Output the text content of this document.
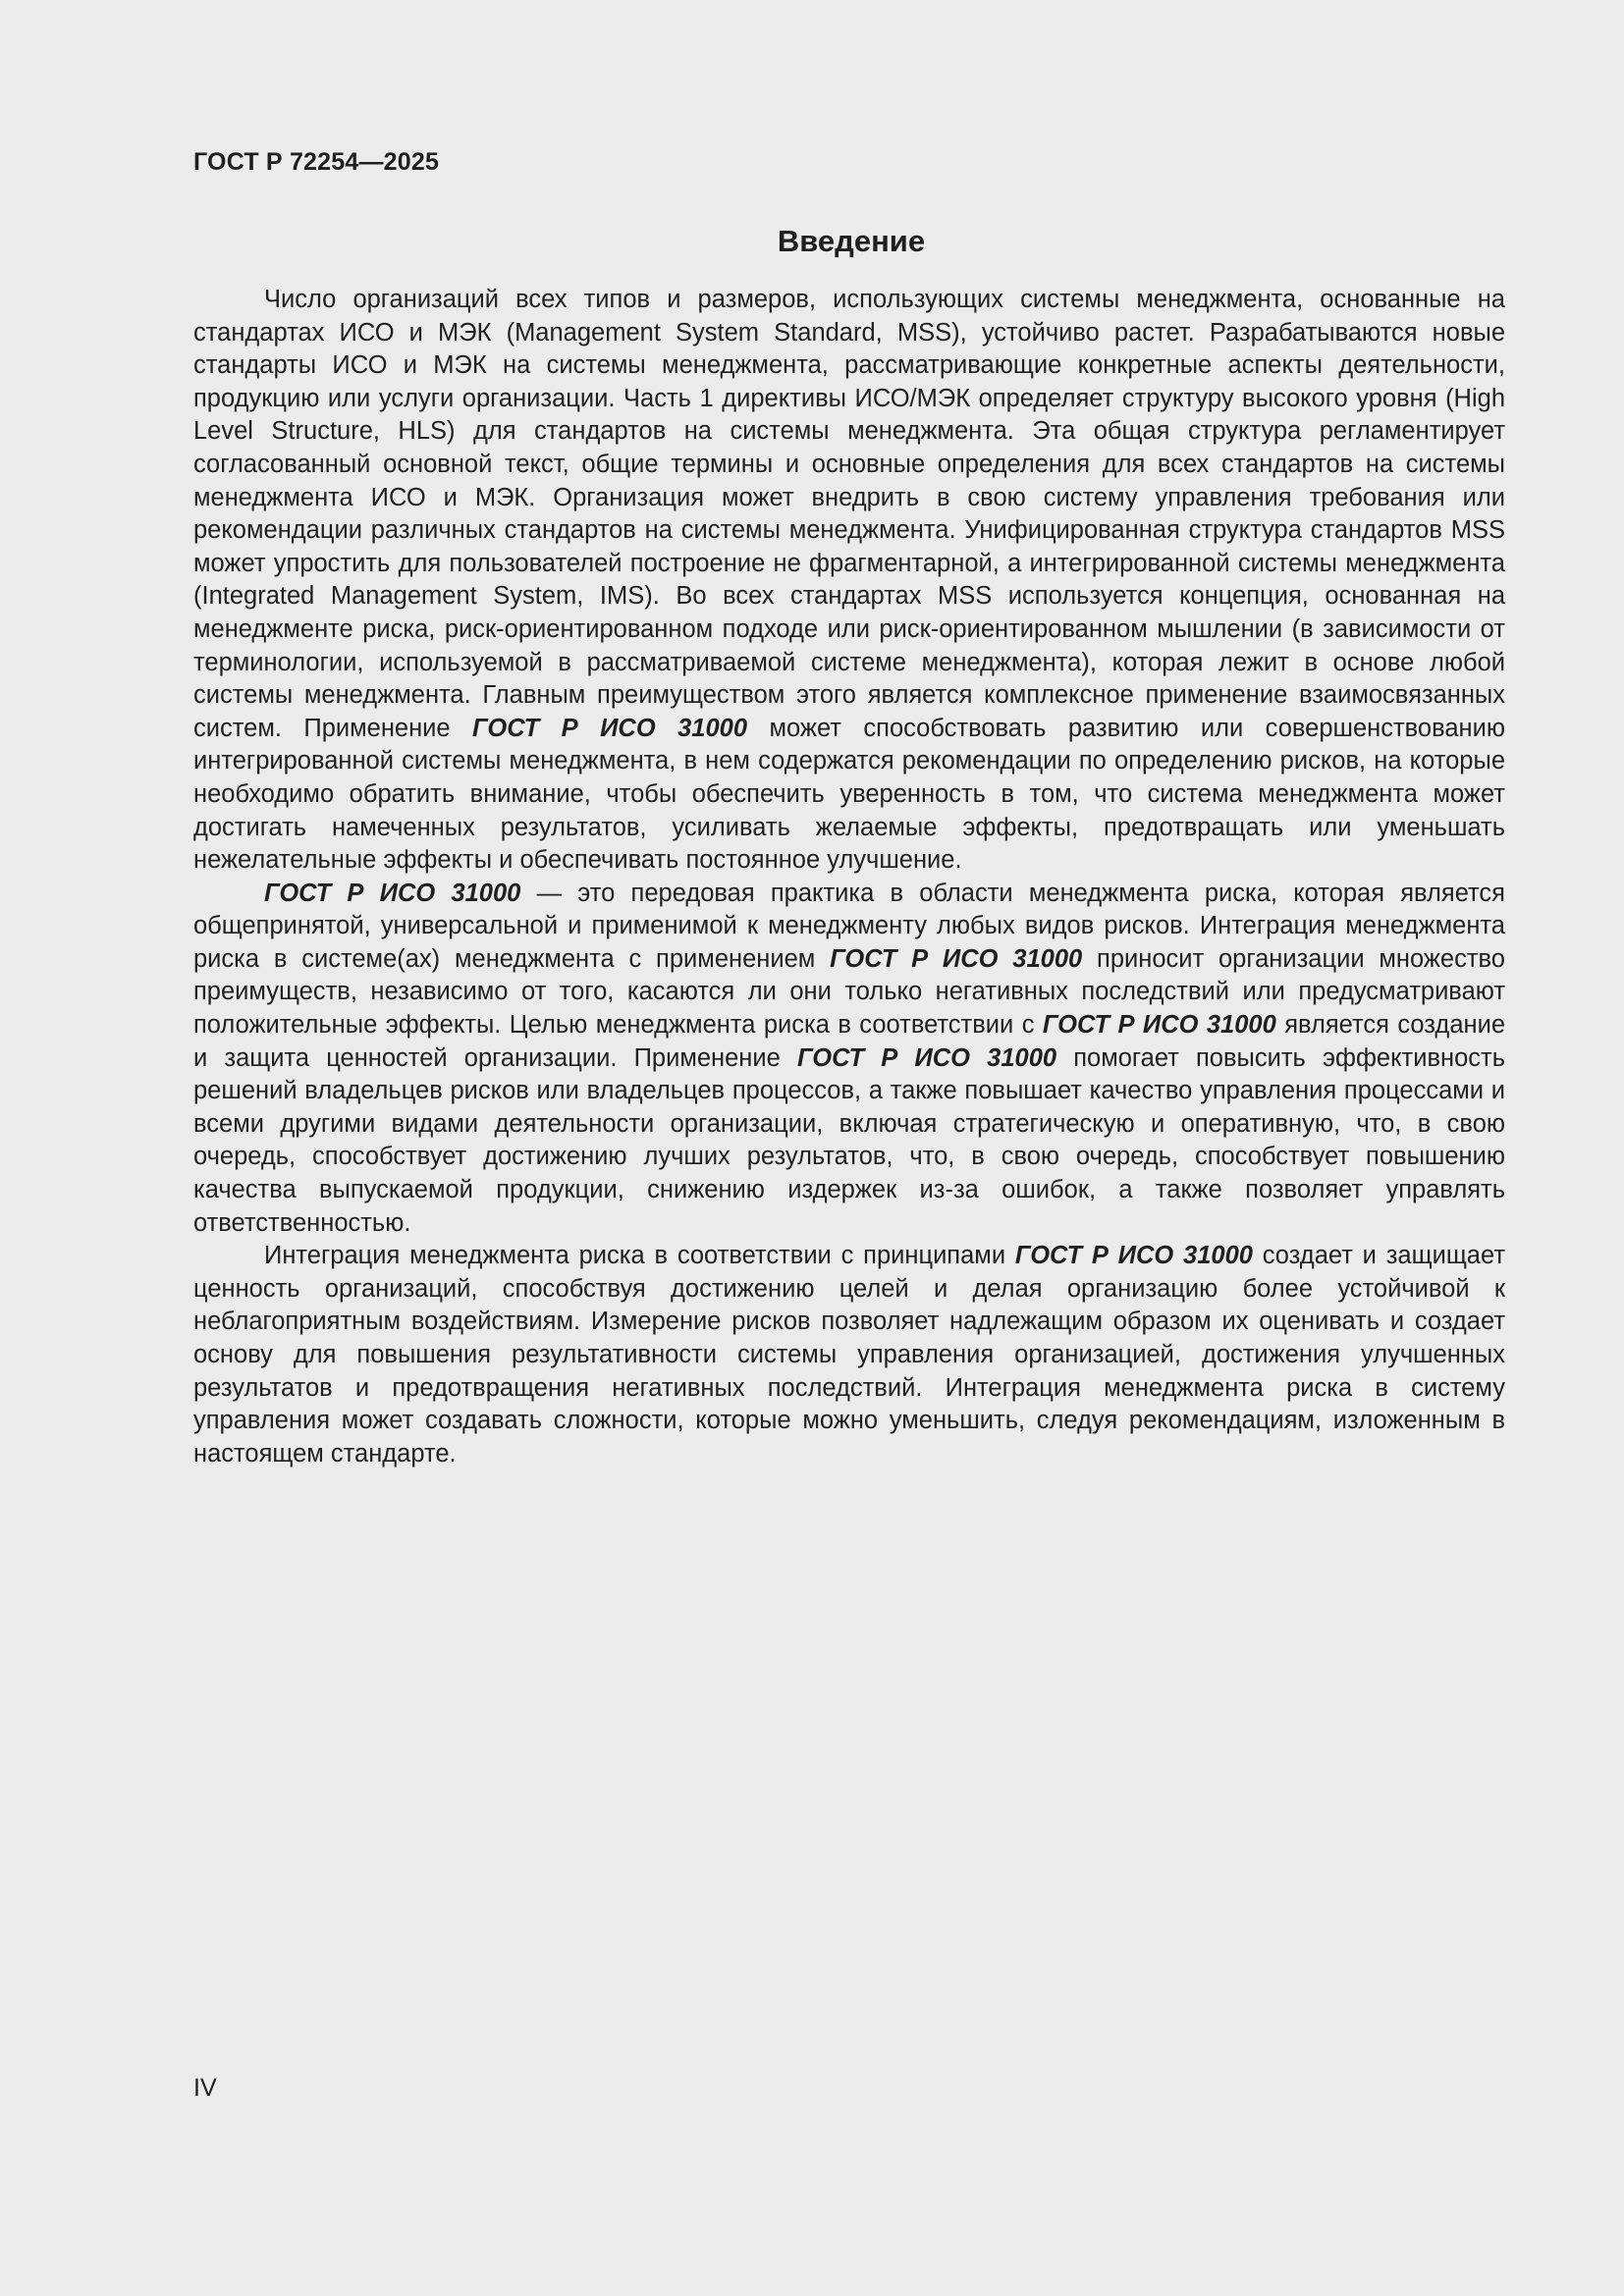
ГОСТ Р 72254—2025
Введение

Число организаций всех типов и размеров, использующих системы менеджмента, основанные на стандартах ИСО и МЭК (Management System Standard, MSS), устойчиво растет. Разрабатываются новые стандарты ИСО и МЭК на системы менеджмента, рассматривающие конкретные аспекты деятельности, продукцию или услуги организации. Часть 1 директивы ИСО/МЭК определяет структуру высокого уровня (High Level Structure, HLS) для стандартов на системы менеджмента. Эта общая структура регламентирует согласованный основной текст, общие термины и основные определения для всех стандартов на системы менеджмента ИСО и МЭК. Организация может внедрить в свою систему управления требования или рекомендации различных стандартов на системы менеджмента. Унифицированная структура стандартов MSS может упростить для пользователей построение не фрагментарной, а интегрированной системы менеджмента (Integrated Management System, IMS). Во всех стандартах MSS используется концепция, основанная на менеджменте риска, риск-ориентированном подходе или риск-ориентированном мышлении (в зависимости от терминологии, используемой в рассматриваемой системе менеджмента), которая лежит в основе любой системы менеджмента. Главным преимуществом этого является комплексное применение взаимосвязанных систем. Применение ГОСТ Р ИСО 31000 может способствовать развитию или совершенствованию интегрированной системы менеджмента, в нем содержатся рекомендации по определению рисков, на которые необходимо обратить внимание, чтобы обеспечить уверенность в том, что система менеджмента может достигать намеченных результатов, усиливать желаемые эффекты, предотвращать или уменьшать нежелательные эффекты и обеспечивать постоянное улучшение.

ГОСТ Р ИСО 31000 — это передовая практика в области менеджмента риска, которая является общепринятой, универсальной и применимой к менеджменту любых видов рисков. Интеграция менеджмента риска в системе(ах) менеджмента с применением ГОСТ Р ИСО 31000 приносит организации множество преимуществ, независимо от того, касаются ли они только негативных последствий или предусматривают положительные эффекты. Целью менеджмента риска в соответствии с ГОСТ Р ИСО 31000 является создание и защита ценностей организации. Применение ГОСТ Р ИСО 31000 помогает повысить эффективность решений владельцев рисков или владельцев процессов, а также повышает качество управления процессами и всеми другими видами деятельности организации, включая стратегическую и оперативную, что, в свою очередь, способствует достижению лучших результатов, что, в свою очередь, способствует повышению качества выпускаемой продукции, снижению издержек из-за ошибок, а также позволяет управлять ответственностью.

Интеграция менеджмента риска в соответствии с принципами ГОСТ Р ИСО 31000 создает и защищает ценность организаций, способствуя достижению целей и делая организацию более устойчивой к неблагоприятным воздействиям. Измерение рисков позволяет надлежащим образом их оценивать и создает основу для повышения результативности системы управления организацией, достижения улучшенных результатов и предотвращения негативных последствий. Интеграция менеджмента риска в систему управления может создавать сложности, которые можно уменьшить, следуя рекомендациям, изложенным в настоящем стандарте.

IV
